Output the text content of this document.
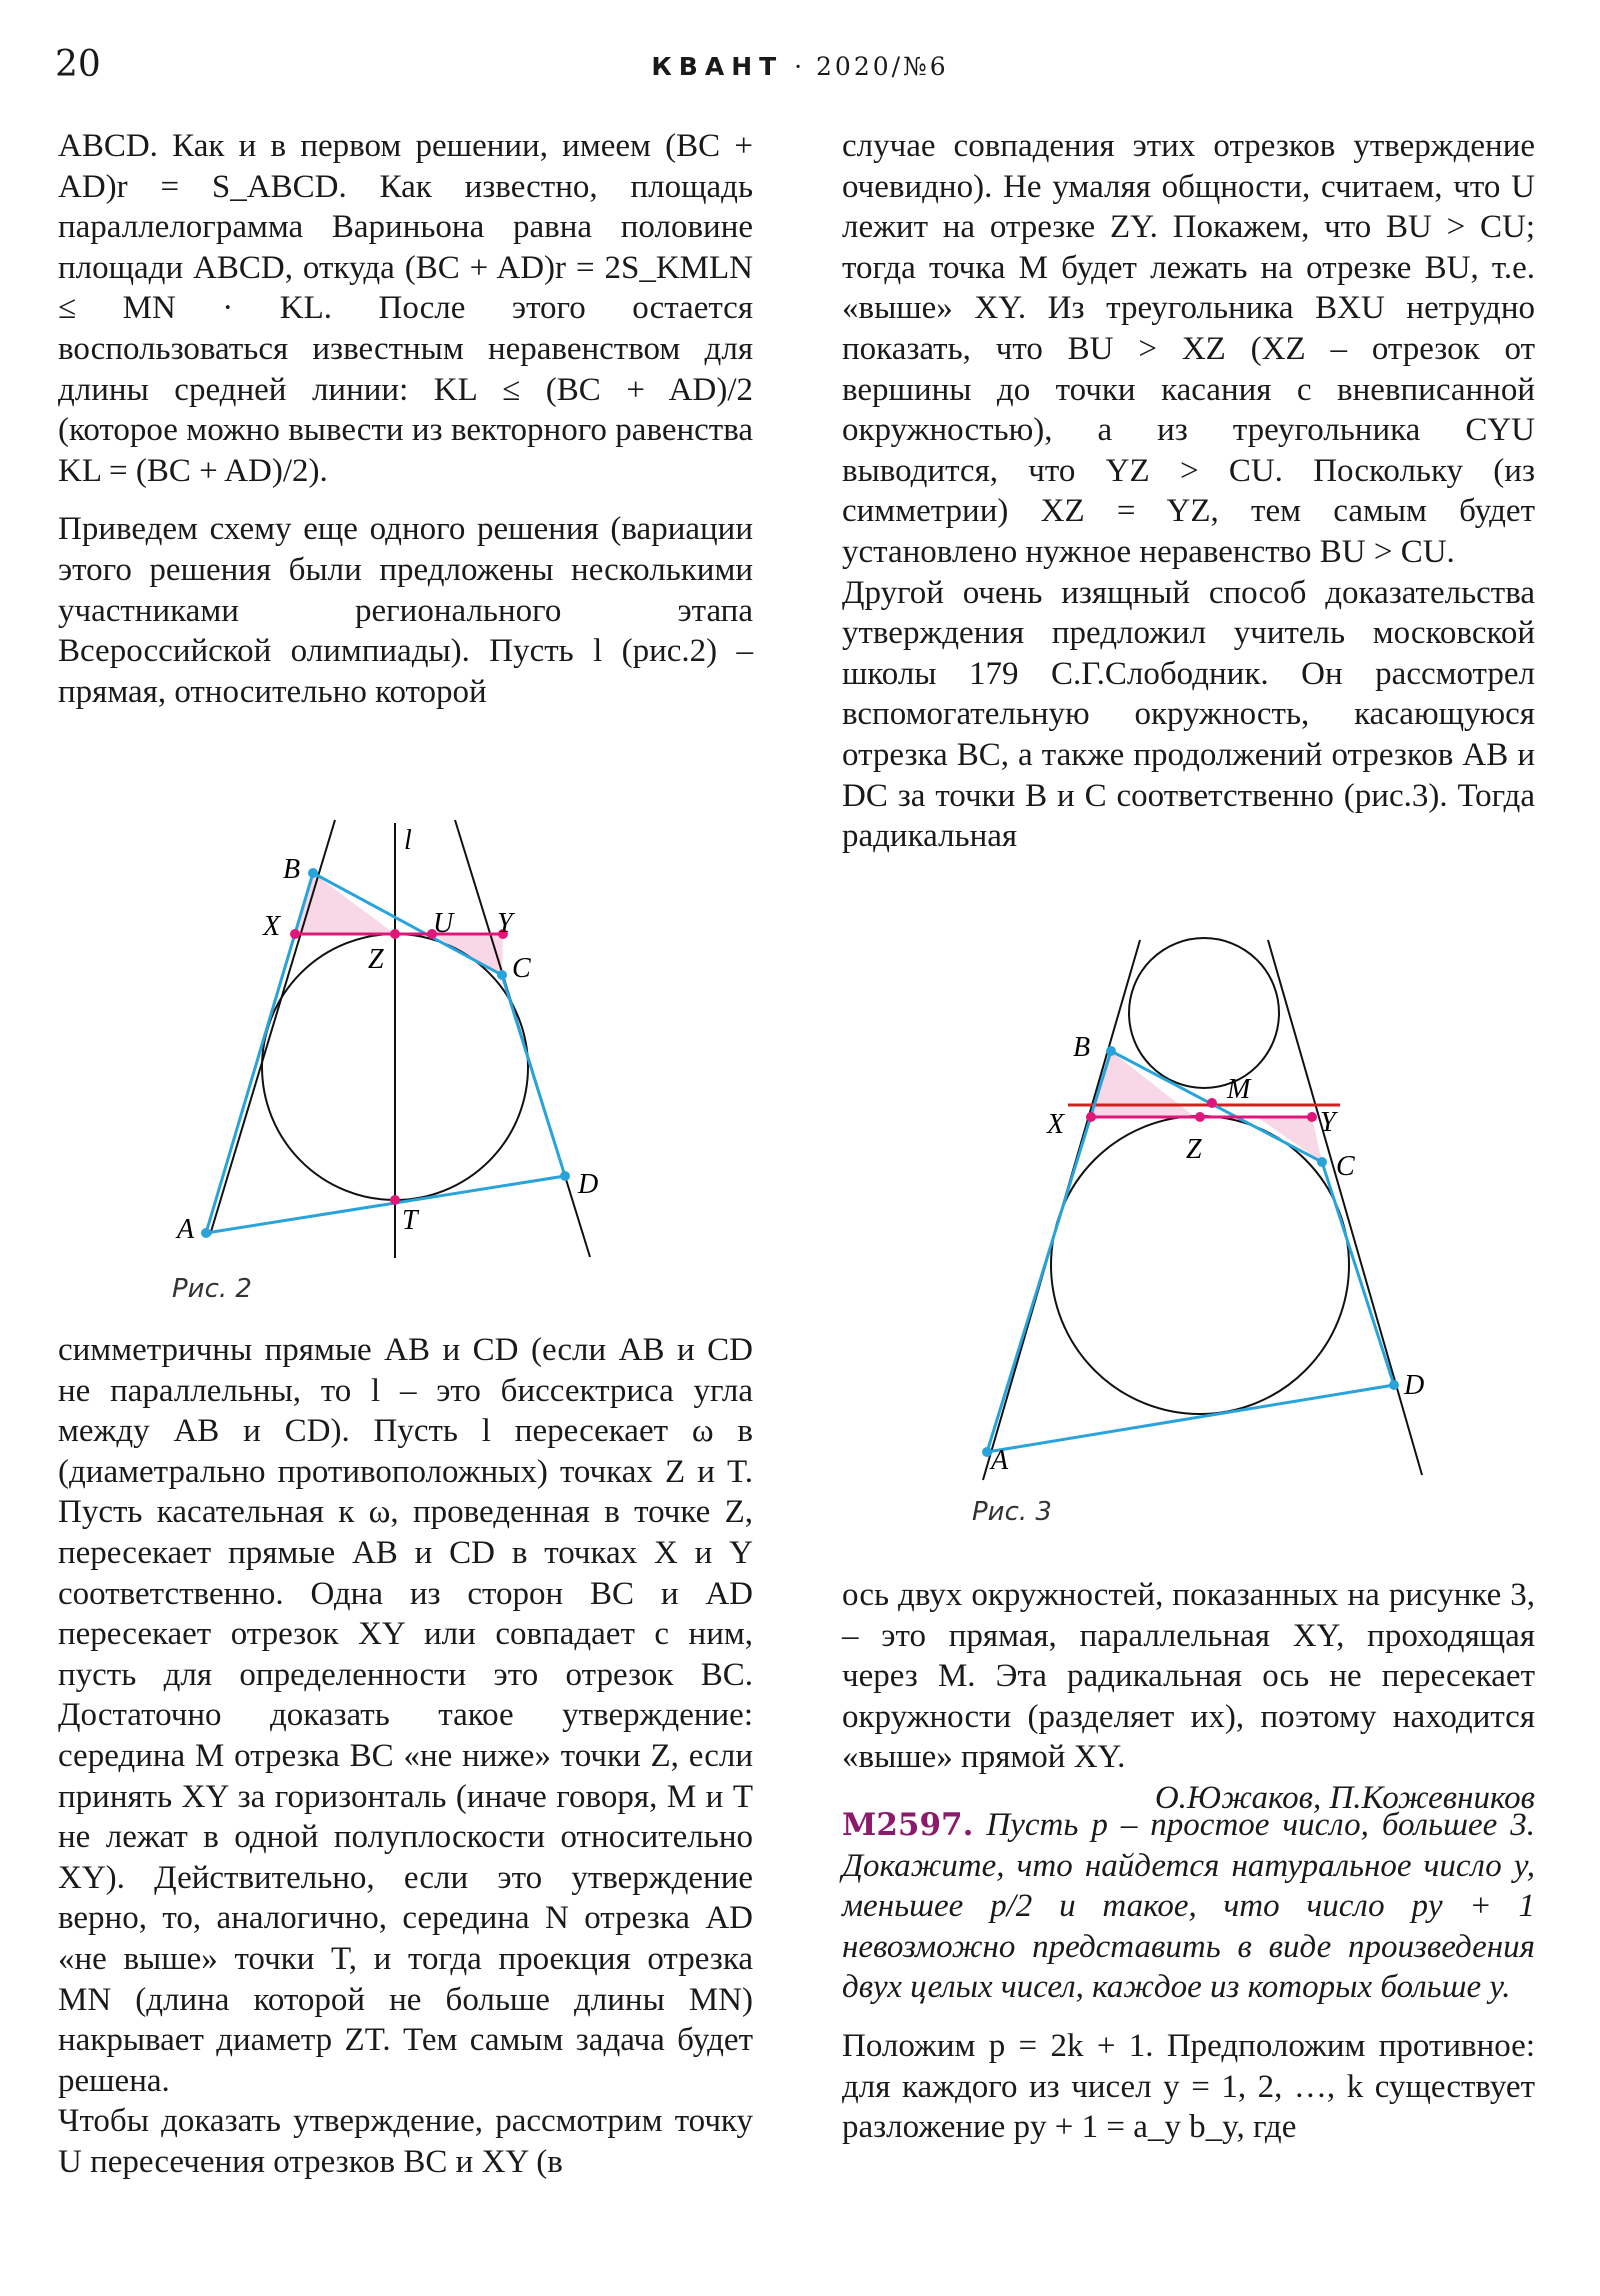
20	КВАНТ · 2020/№6

ABCD. Как и в первом решении, имеем (BC + AD)r = S_ABCD. Как известно, площадь параллелограмма Вариньона равна половине площади ABCD, откуда (BC + AD)r = 2S_KMLN ≤ MN · KL. После этого остается воспользоваться известным неравенством для длины средней линии: KL ≤ (BC + AD)/2 (которое можно вывести из векторного равенства KL = (BC + AD)/2).

Приведем схему еще одного решения (вариации этого решения были предложены несколькими участниками регионального этапа Всероссийской олимпиады). Пусть l (рис.2) – прямая, относительно которой

B
l
X	U Y
Z	C
D
A	T
Рис. 2

симметричны прямые AB и CD (если AB и CD не параллельны, то l – это биссектриса угла между AB и CD). Пусть l пересекает ω в (диаметрально противоположных) точках Z и T. Пусть касательная к ω, проведенная в точке Z, пересекает прямые AB и CD в точках X и Y соответственно. Одна из сторон BC и AD пересекает отрезок XY или совпадает с ним, пусть для определенности это отрезок BC. Достаточно доказать такое утверждение: середина M отрезка BC «не ниже» точки Z, если принять XY за горизонталь (иначе говоря, M и T не лежат в одной полуплоскости относительно XY). Действительно, если это утверждение верно, то, аналогично, середина N отрезка AD «не выше» точки T, и тогда проекция отрезка MN (длина которой не больше длины MN) накрывает диаметр ZT. Тем самым задача будет решена.

Чтобы доказать утверждение, рассмотрим точку U пересечения отрезков BC и XY (в

случае совпадения этих отрезков утверждение очевидно). Не умаляя общности, считаем, что U лежит на отрезке ZY. Покажем, что BU > CU; тогда точка M будет лежать на отрезке BU, т.е. «выше» XY. Из треугольника BXU нетрудно показать, что BU > XZ (XZ – отрезок от вершины до точки касания с вневписанной окружностью), а из треугольника CYU выводится, что YZ > CU. Поскольку (из симметрии) XZ = YZ, тем самым будет установлено нужное неравенство BU > CU.

Другой очень изящный способ доказательства утверждения предложил учитель московской школы 179 С.Г.Слободник. Он рассмотрел вспомогательную окружность, касающуюся отрезка BC, а также продолжений отрезков AB и DC за точки B и C соответственно (рис.3). Тогда радикальная

B
M
X	Y
Z
C
D
A
Рис. 3

ось двух окружностей, показанных на рисунке 3, – это прямая, параллельная XY, проходящая через M. Эта радикальная ось не пересекает окружности (разделяет их), поэтому находится «выше» прямой XY.

О.Южаков, П.Кожевников

М2597. Пусть p – простое число, большее 3. Докажите, что найдется натуральное число y, меньшее p/2 и такое, что число py + 1 невозможно представить в виде произведения двух целых чисел, каждое из которых больше y.

Положим p = 2k + 1. Предположим противное: для каждого из чисел y = 1, 2, …, k существует разложение py + 1 = a_y b_y, где
